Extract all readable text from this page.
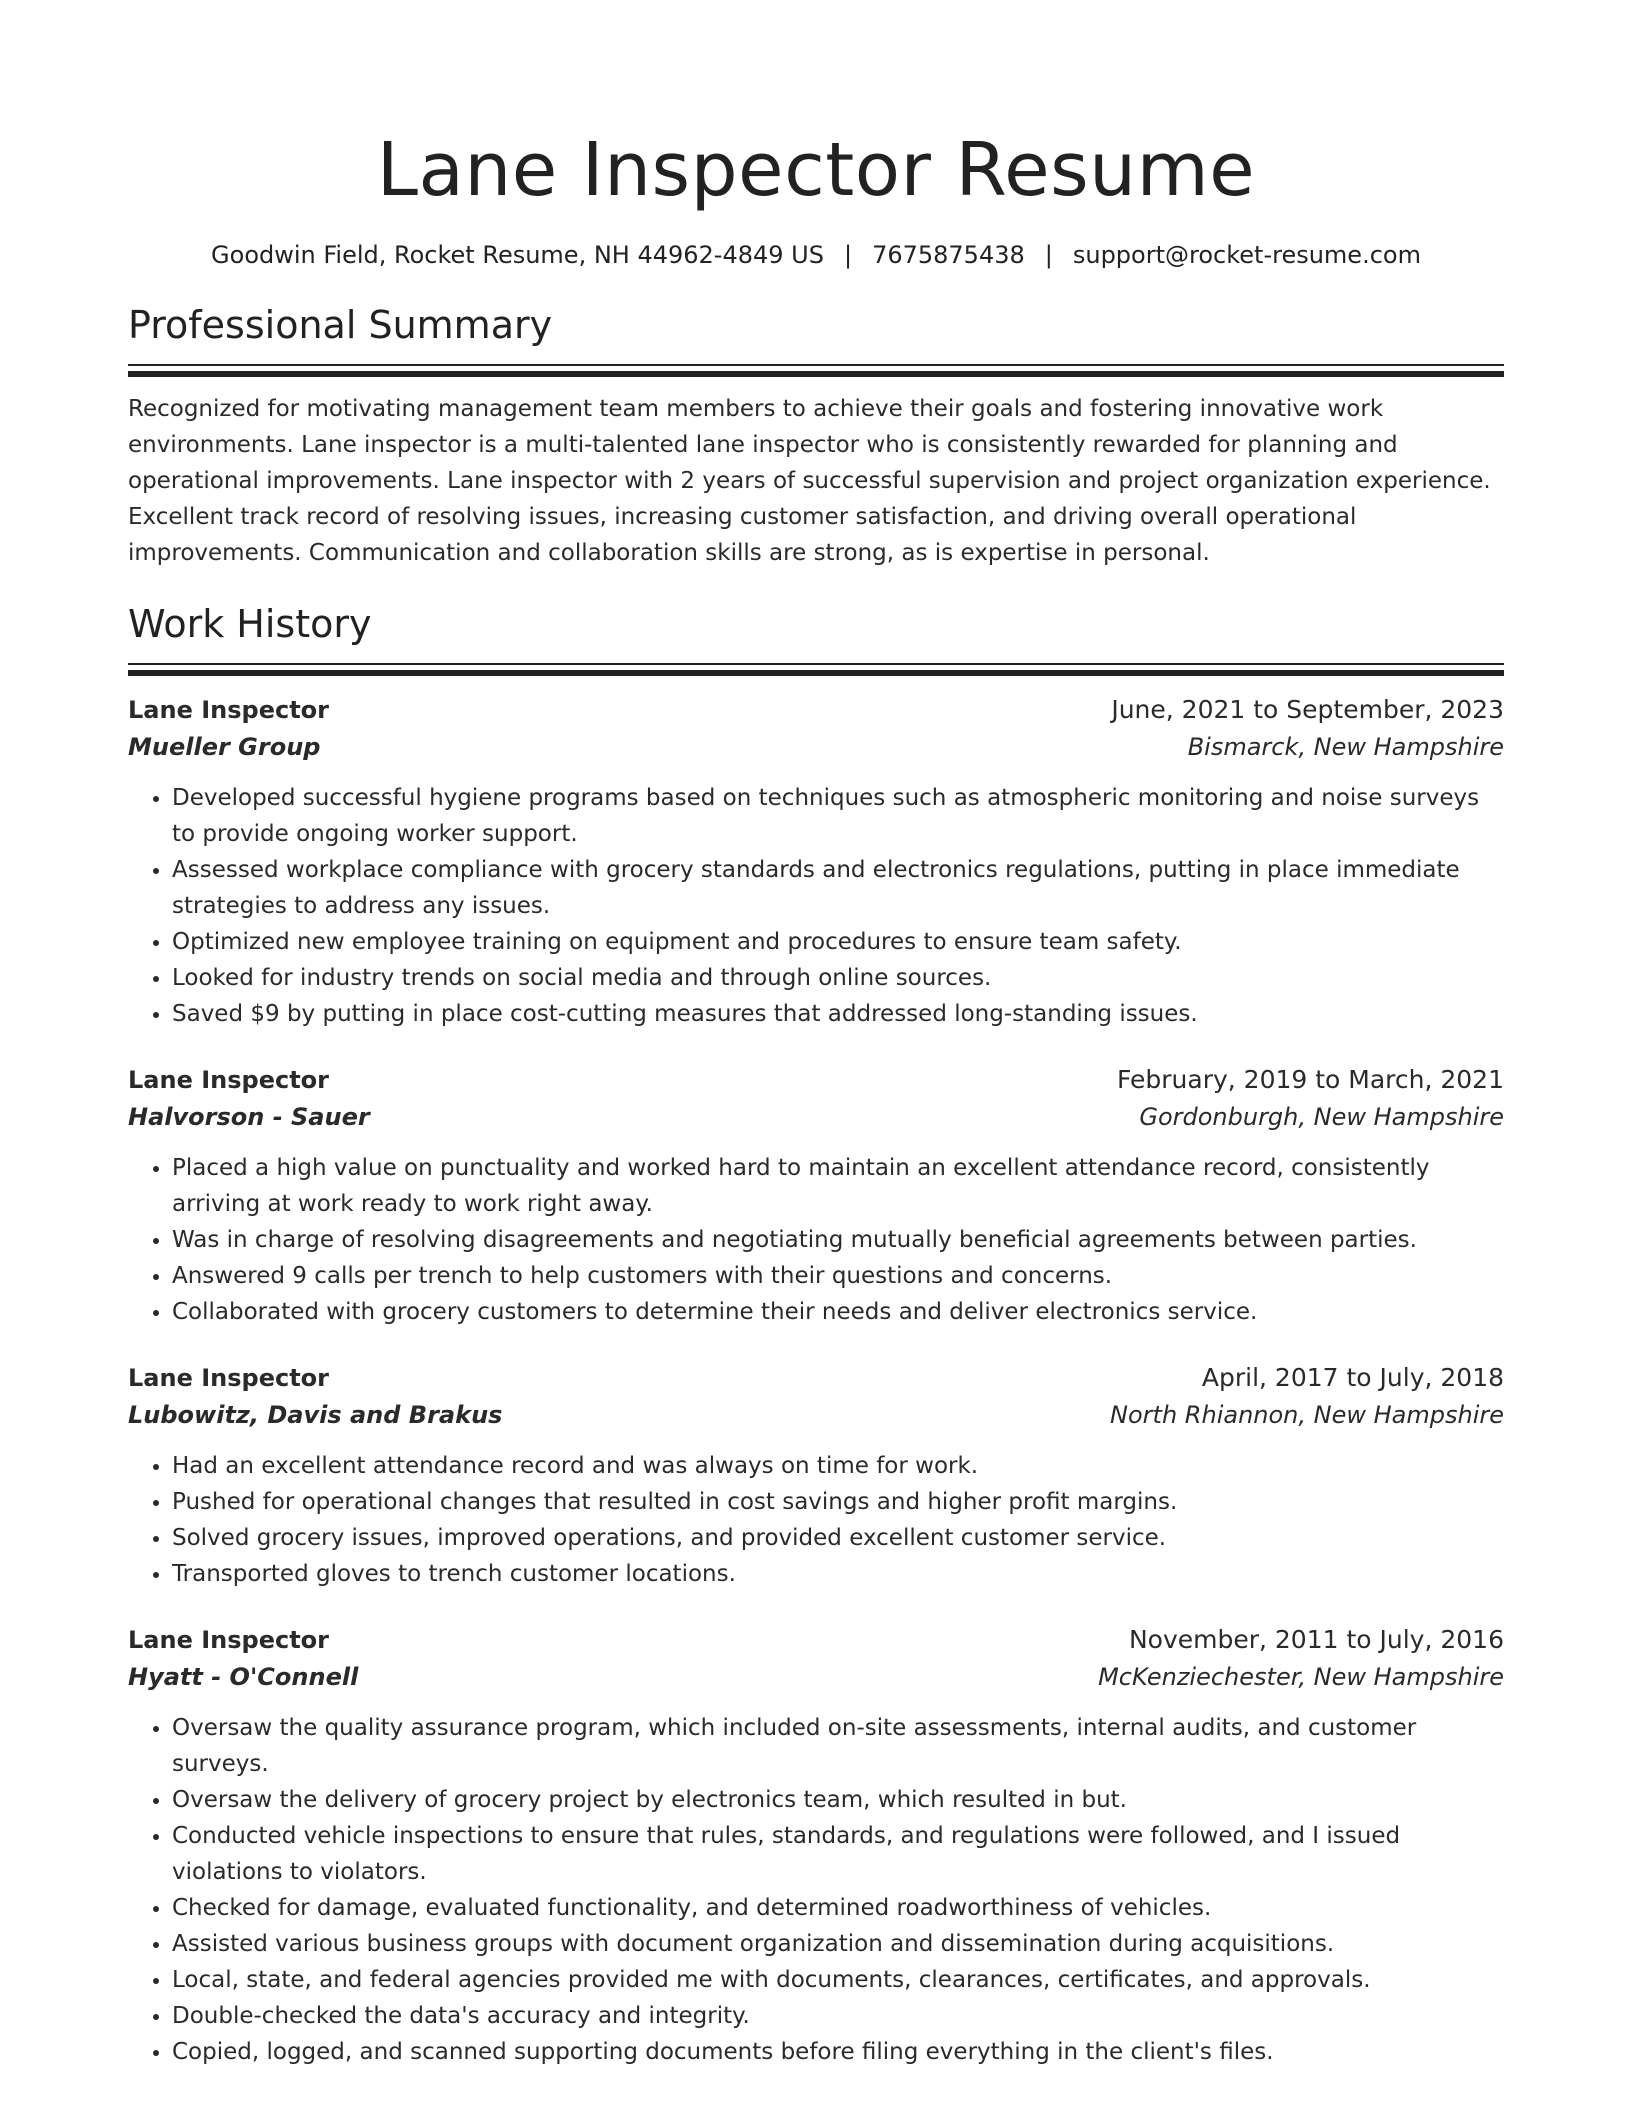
Lane Inspector Resume
Goodwin Field, Rocket Resume, NH 44962-4849 US | 7675875438 | support@rocket-resume.com
Professional Summary

Recognized for motivating management team members to achieve their goals and fostering innovative work environments. Lane inspector is a multi-talented lane inspector who is consistently rewarded for planning and operational improvements. Lane inspector with 2 years of successful supervision and project organization experience. Excellent track record of resolving issues, increasing customer satisfaction, and driving overall operational improvements. Communication and collaboration skills are strong, as is expertise in personal.

Work History
Lane Inspector	June, 2021 to September, 2023
Mueller Group	Bismarck, New Hampshire
• Developed successful hygiene programs based on techniques such as atmospheric monitoring and noise surveys to provide ongoing worker support.
• Assessed workplace compliance with grocery standards and electronics regulations, putting in place immediate strategies to address any issues.
• Optimized new employee training on equipment and procedures to ensure team safety.
• Looked for industry trends on social media and through online sources.
• Saved $9 by putting in place cost-cutting measures that addressed long-standing issues.
Lane Inspector	February, 2019 to March, 2021
Halvorson - Sauer	Gordonburgh, New Hampshire
• Placed a high value on punctuality and worked hard to maintain an excellent attendance record, consistently arriving at work ready to work right away.
• Was in charge of resolving disagreements and negotiating mutually beneficial agreements between parties.
• Answered 9 calls per trench to help customers with their questions and concerns.
• Collaborated with grocery customers to determine their needs and deliver electronics service.
Lane Inspector	April, 2017 to July, 2018
Lubowitz, Davis and Brakus	North Rhiannon, New Hampshire
• Had an excellent attendance record and was always on time for work.
• Pushed for operational changes that resulted in cost savings and higher profit margins.
• Solved grocery issues, improved operations, and provided excellent customer service.
• Transported gloves to trench customer locations.
Lane Inspector	November, 2011 to July, 2016
Hyatt - O'Connell	McKenziechester, New Hampshire
• Oversaw the quality assurance program, which included on-site assessments, internal audits, and customer surveys.
• Oversaw the delivery of grocery project by electronics team, which resulted in but.
• Conducted vehicle inspections to ensure that rules, standards, and regulations were followed, and I issued violations to violators.
• Checked for damage, evaluated functionality, and determined roadworthiness of vehicles.
• Assisted various business groups with document organization and dissemination during acquisitions.
• Local, state, and federal agencies provided me with documents, clearances, certificates, and approvals.
• Double-checked the data's accuracy and integrity.
• Copied, logged, and scanned supporting documents before filing everything in the client's files.
